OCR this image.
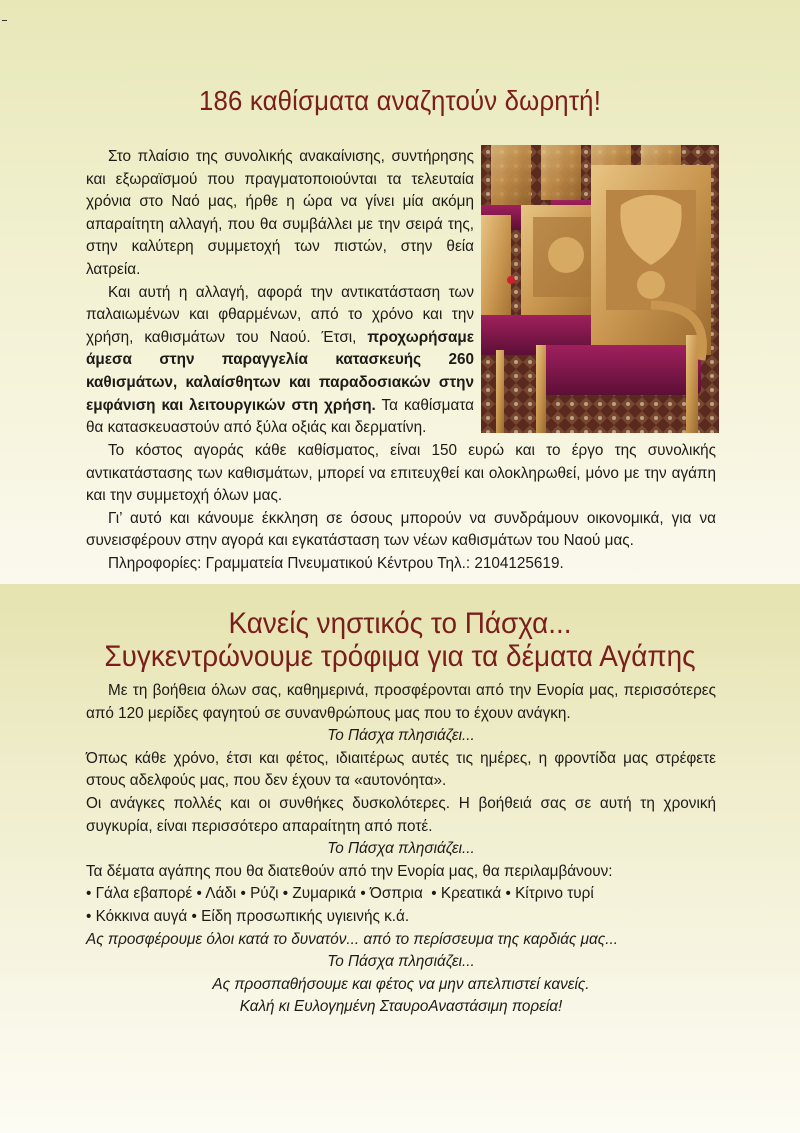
186 καθίσματα αναζητούν δωρητή!

Στο πλαίσιο της συνολικής ανακαίνισης, συντήρησης και εξωραϊσμού που πραγματοποιούνται τα τελευταία χρόνια στο Ναό μας, ήρθε η ώρα να γίνει μία ακόμη απαραίτητη αλλαγή, που θα συμβάλλει με την σειρά της, στην καλύτερη συμμετοχή των πιστών, στην θεία λατρεία.

Και αυτή η αλλαγή, αφορά την αντικατάσταση των παλαιωμένων και φθαρμένων, από το χρόνο και την χρήση, καθισμάτων του Ναού. Έτσι, προχωρήσαμε άμεσα στην παραγγελία κατασκευής 260 καθισμάτων, καλαίσθητων και παραδοσιακών στην εμφάνιση και λειτουργικών στη χρήση. Τα καθίσματα θα κατασκευαστούν από ξύλα οξιάς και δερματίνη.

Το κόστος αγοράς κάθε καθίσματος, είναι 150 ευρώ και το έργο της συνολικής αντικατάστασης των καθισμάτων, μπορεί να επιτευχθεί και ολοκληρωθεί, μόνο με την αγάπη και την συμμετοχή όλων μας.

Γι’ αυτό και κάνουμε έκκληση σε όσους μπορούν να συνδράμουν οικονομικά, για να συνεισφέρουν στην αγορά και εγκατάσταση των νέων καθισμάτων του Ναού μας.

Πληροφορίες: Γραμματεία Πνευματικού Κέντρου Τηλ.: 2104125619.

Κανείς νηστικός το Πάσχα...
Συγκεντρώνουμε τρόφιμα για τα δέματα Αγάπης

Με τη βοήθεια όλων σας, καθημερινά, προσφέρονται από την Ενορία μας, περισσότερες από 120 μερίδες φαγητού σε συνανθρώπους μας που το έχουν ανάγκη.

Το Πάσχα πλησιάζει...

Όπως κάθε χρόνο, έτσι και φέτος, ιδιαιτέρως αυτές τις ημέρες, η φροντίδα μας στρέφετε στους αδελφούς μας, που δεν έχουν τα «αυτονόητα».

Οι ανάγκες πολλές και οι συνθήκες δυσκολότερες. Η βοήθειά σας σε αυτή τη χρονική συγκυρία, είναι περισσότερο απαραίτητη από ποτέ.

Το Πάσχα πλησιάζει...

Τα δέματα αγάπης που θα διατεθούν από την Ενορία μας, θα περιλαμβάνουν:

• Γάλα εβαπορέ • Λάδι • Ρύζι • Ζυμαρικά • Όσπρια  • Κρεατικά • Κίτρινο τυρί

• Κόκκινα αυγά • Είδη προσωπικής υγιεινής κ.ά.

Ας προσφέρουμε όλοι κατά το δυνατόν... από το περίσσευμα της καρδιάς μας...

Το Πάσχα πλησιάζει...

Ας προσπαθήσουμε και φέτος να μην απελπιστεί κανείς.

Καλή κι Ευλογημένη ΣταυροΑναστάσιμη πορεία!
